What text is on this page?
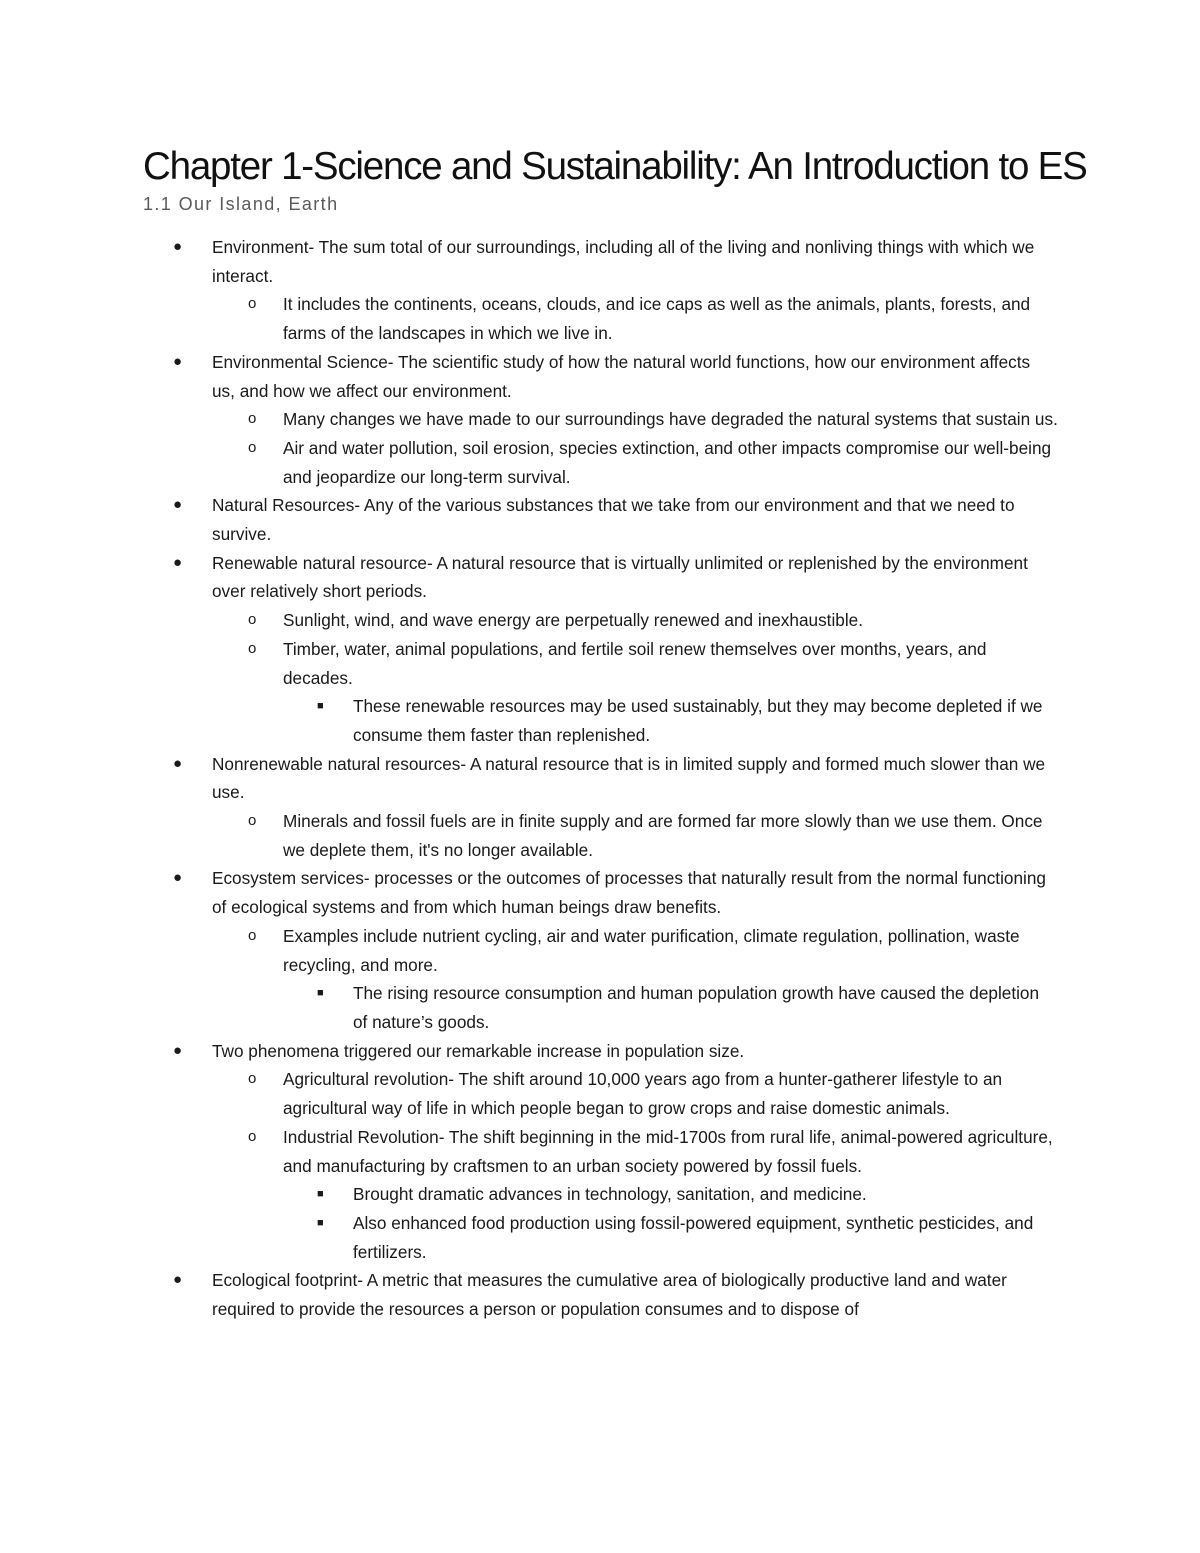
Chapter 1-Science and Sustainability: An Introduction to ES
1.1 Our Island, Earth
● Environment- The sum total of our surroundings, including all of the living and nonliving things with which we interact.
o It includes the continents, oceans, clouds, and ice caps as well as the animals, plants, forests, and farms of the landscapes in which we live in.
● Environmental Science- The scientific study of how the natural world functions, how our environment affects us, and how we affect our environment.
o Many changes we have made to our surroundings have degraded the natural systems that sustain us.
o Air and water pollution, soil erosion, species extinction, and other impacts compromise our well-being and jeopardize our long-term survival.
● Natural Resources- Any of the various substances that we take from our environment and that we need to survive.
● Renewable natural resource- A natural resource that is virtually unlimited or replenished by the environment over relatively short periods.
o Sunlight, wind, and wave energy are perpetually renewed and inexhaustible.
o Timber, water, animal populations, and fertile soil renew themselves over months, years, and decades.
■ These renewable resources may be used sustainably, but they may become depleted if we consume them faster than replenished.
● Nonrenewable natural resources- A natural resource that is in limited supply and formed much slower than we use.
o Minerals and fossil fuels are in finite supply and are formed far more slowly than we use them. Once we deplete them, it's no longer available.
● Ecosystem services- processes or the outcomes of processes that naturally result from the normal functioning of ecological systems and from which human beings draw benefits.
o Examples include nutrient cycling, air and water purification, climate regulation, pollination, waste recycling, and more.
■ The rising resource consumption and human population growth have caused the depletion of nature’s goods.
● Two phenomena triggered our remarkable increase in population size.
o Agricultural revolution- The shift around 10,000 years ago from a hunter-gatherer lifestyle to an agricultural way of life in which people began to grow crops and raise domestic animals.
o Industrial Revolution- The shift beginning in the mid-1700s from rural life, animal-powered agriculture, and manufacturing by craftsmen to an urban society powered by fossil fuels.
■ Brought dramatic advances in technology, sanitation, and medicine.
■ Also enhanced food production using fossil-powered equipment, synthetic pesticides, and fertilizers.
● Ecological footprint- A metric that measures the cumulative area of biologically productive land and water required to provide the resources a person or population consumes and to dispose of
